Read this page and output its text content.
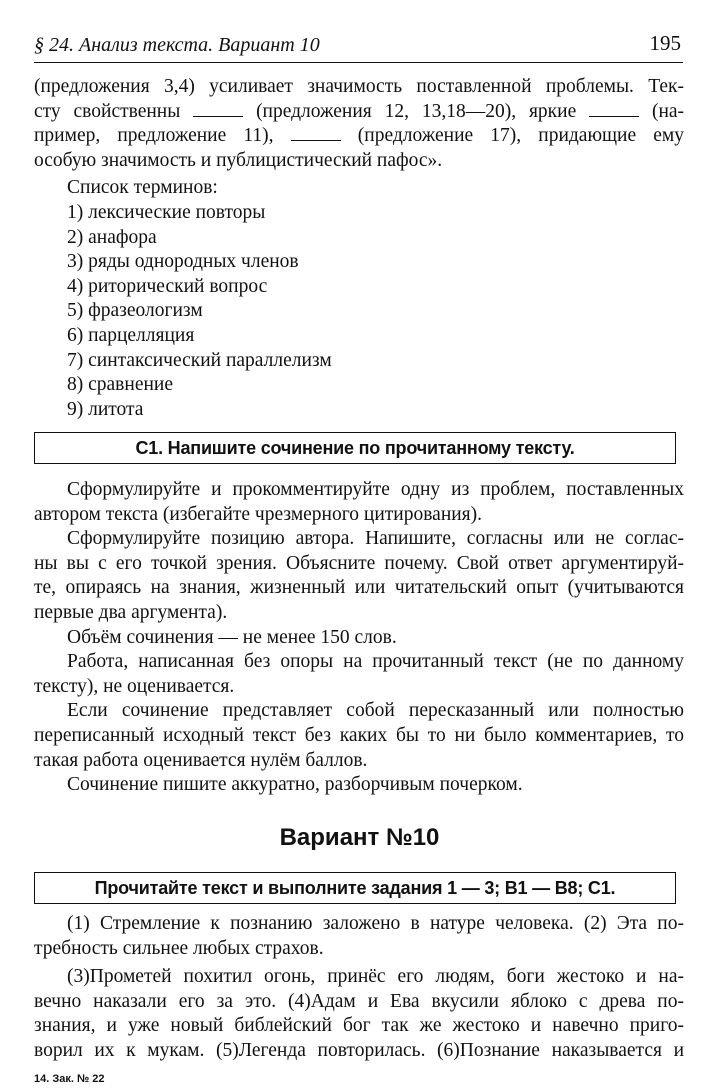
§ 24. Анализ текста. Вариант 10	195

(предложения 3,4) усиливает значимость поставленной проблемы. Тек-

сту свойственны	(предложения 12, 13,18—20), яркие	(на-

пример, предложение 11),	(предложение 17), придающие ему

особую значимость и публицистический пафос».

Список терминов:
1) лексические повторы
2) анафора
3) ряды однородных членов
4) риторический вопрос
5) фразеологизм
6) парцелляция
7) синтаксический параллелизм
8) сравнение
9) литота
C1. Напишите сочинение по прочитанному тексту.

Сформулируйте и прокомментируйте одну из проблем, поставленных

автором текста (избегайте чрезмерного цитирования).

Сформулируйте позицию автора. Напишите, согласны или не соглас-

ны вы с его точкой зрения. Объясните почему. Свой ответ аргументируй-

те, опираясь на знания, жизненный или читательский опыт (учитываются

первые два аргумента).

Объём сочинения — не менее 150 слов.

Работа, написанная без опоры на прочитанный текст (не по данному

тексту), не оценивается.

Если сочинение представляет собой пересказанный или полностью

переписанный исходный текст без каких бы то ни было комментариев, то

такая работа оценивается нулём баллов.

Сочинение пишите аккуратно, разборчивым почерком.

Вариант №10
Прочитайте текст и выполните задания 1 — 3; В1 — В8; С1.

(1) Стремление к познанию заложено в натуре человека. (2) Эта по-

требность сильнее любых страхов.

(3)Прометей похитил огонь, принёс его людям, боги жестоко и на-

вечно наказали его за это. (4)Адам и Ева вкусили яблоко с древа по-

знания, и уже новый библейский бог так же жестоко и навечно приго-

ворил их к мукам. (5)Легенда повторилась. (6)Познание наказывается и

14. Зак. № 22
